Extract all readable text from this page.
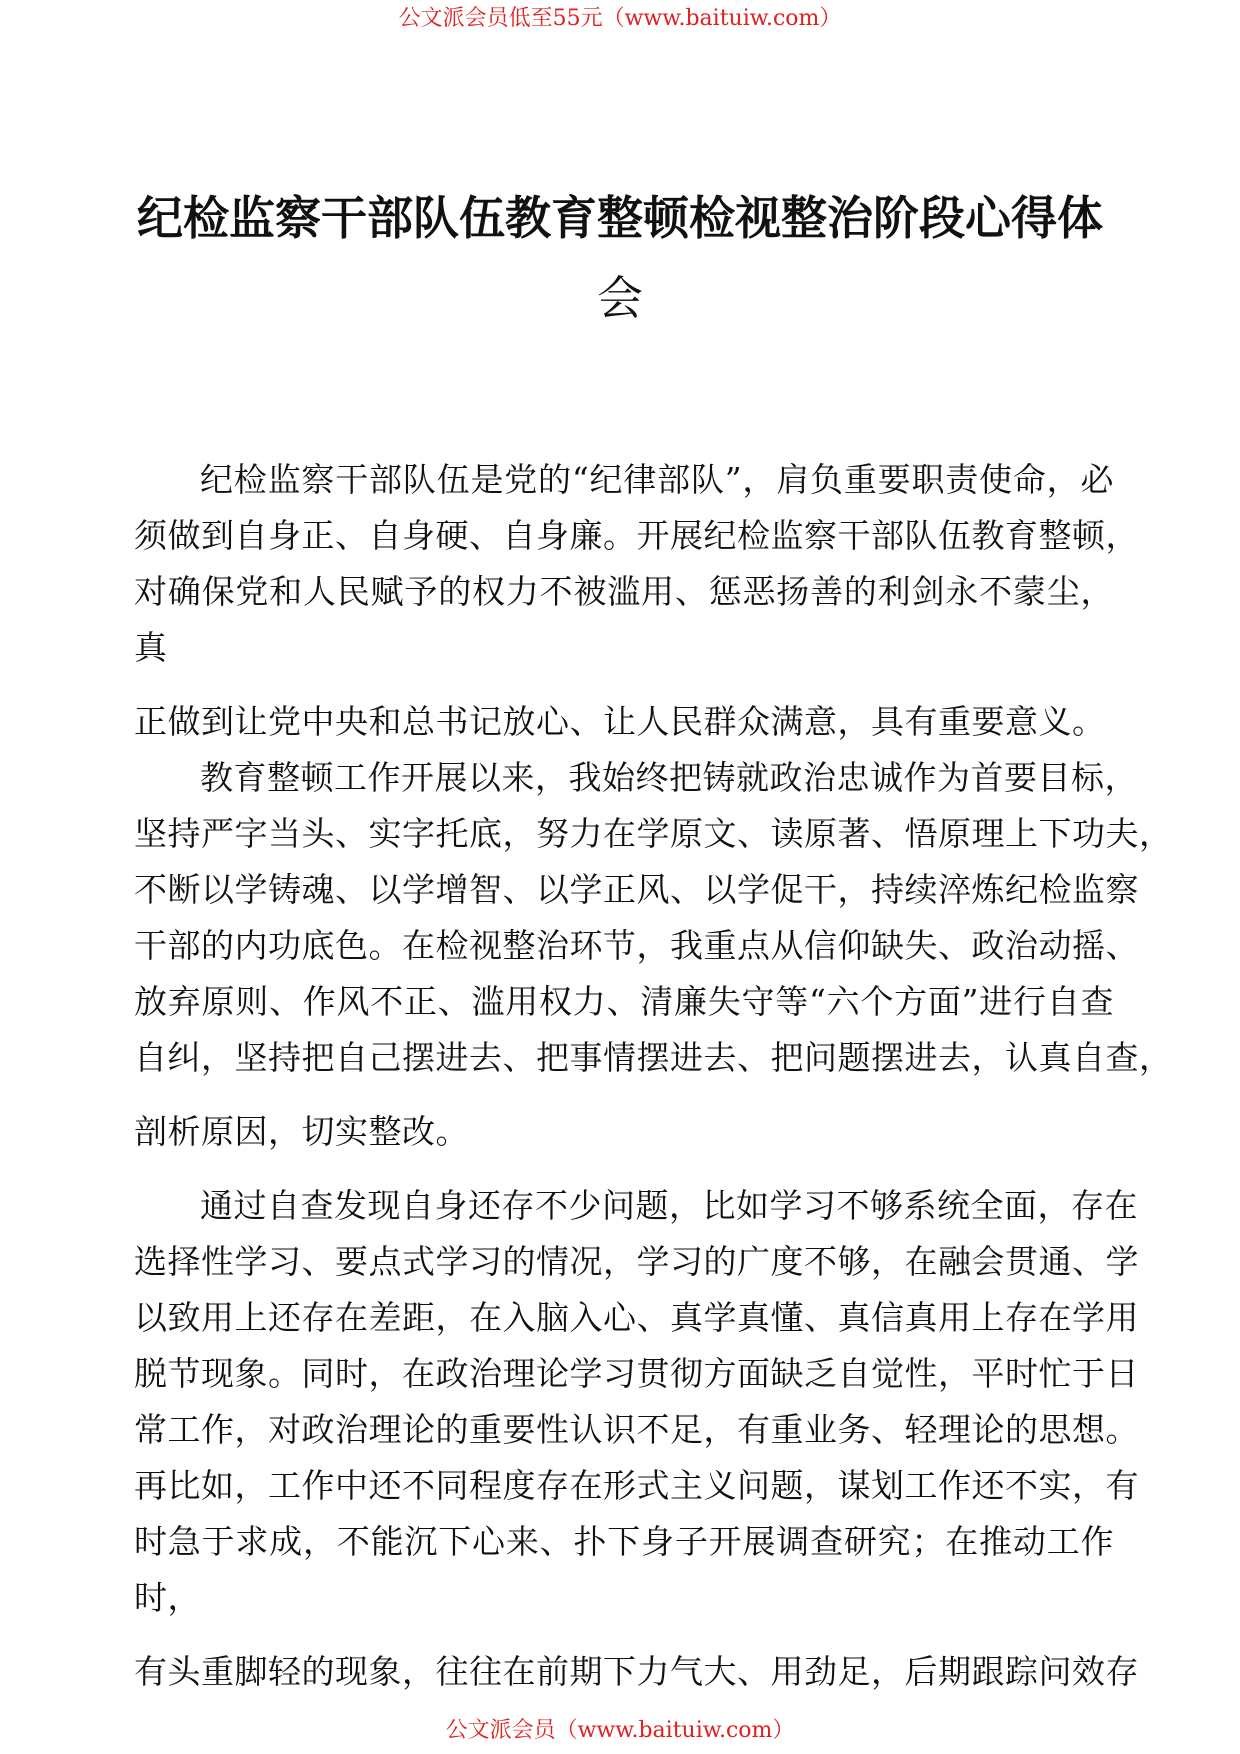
公文派会员低至55元（www.baituiw.com）
纪检监察干部队伍教育整顿检视整治阶段心得体
会
纪检监察干部队伍是党的“纪律部队”，肩负重要职责使命，必
须做到自身正、自身硬、自身廉。开展纪检监察干部队伍教育整顿，
对确保党和人民赋予的权力不被滥用、惩恶扬善的利剑永不蒙尘，
真
正做到让党中央和总书记放心、让人民群众满意，具有重要意义。
教育整顿工作开展以来，我始终把铸就政治忠诚作为首要目标，
坚持严字当头、实字托底，努力在学原文、读原著、悟原理上下功夫，
不断以学铸魂、以学增智、以学正风、以学促干，持续淬炼纪检监察
干部的内功底色。在检视整治环节，我重点从信仰缺失、政治动摇、
放弃原则、作风不正、滥用权力、清廉失守等“六个方面”进行自查
自纠，坚持把自己摆进去、把事情摆进去、把问题摆进去，认真自查，
剖析原因，切实整改。
通过自查发现自身还存不少问题，比如学习不够系统全面，存在
选择性学习、要点式学习的情况，学习的广度不够，在融会贯通、学
以致用上还存在差距，在入脑入心、真学真懂、真信真用上存在学用
脱节现象。同时，在政治理论学习贯彻方面缺乏自觉性，平时忙于日
常工作，对政治理论的重要性认识不足，有重业务、轻理论的思想。
再比如，工作中还不同程度存在形式主义问题，谋划工作还不实，有
时急于求成，不能沉下心来、扑下身子开展调查研究；在推动工作
时，
有头重脚轻的现象，往往在前期下力气大、用劲足，后期跟踪问效存
公文派会员（www.baituiw.com）
